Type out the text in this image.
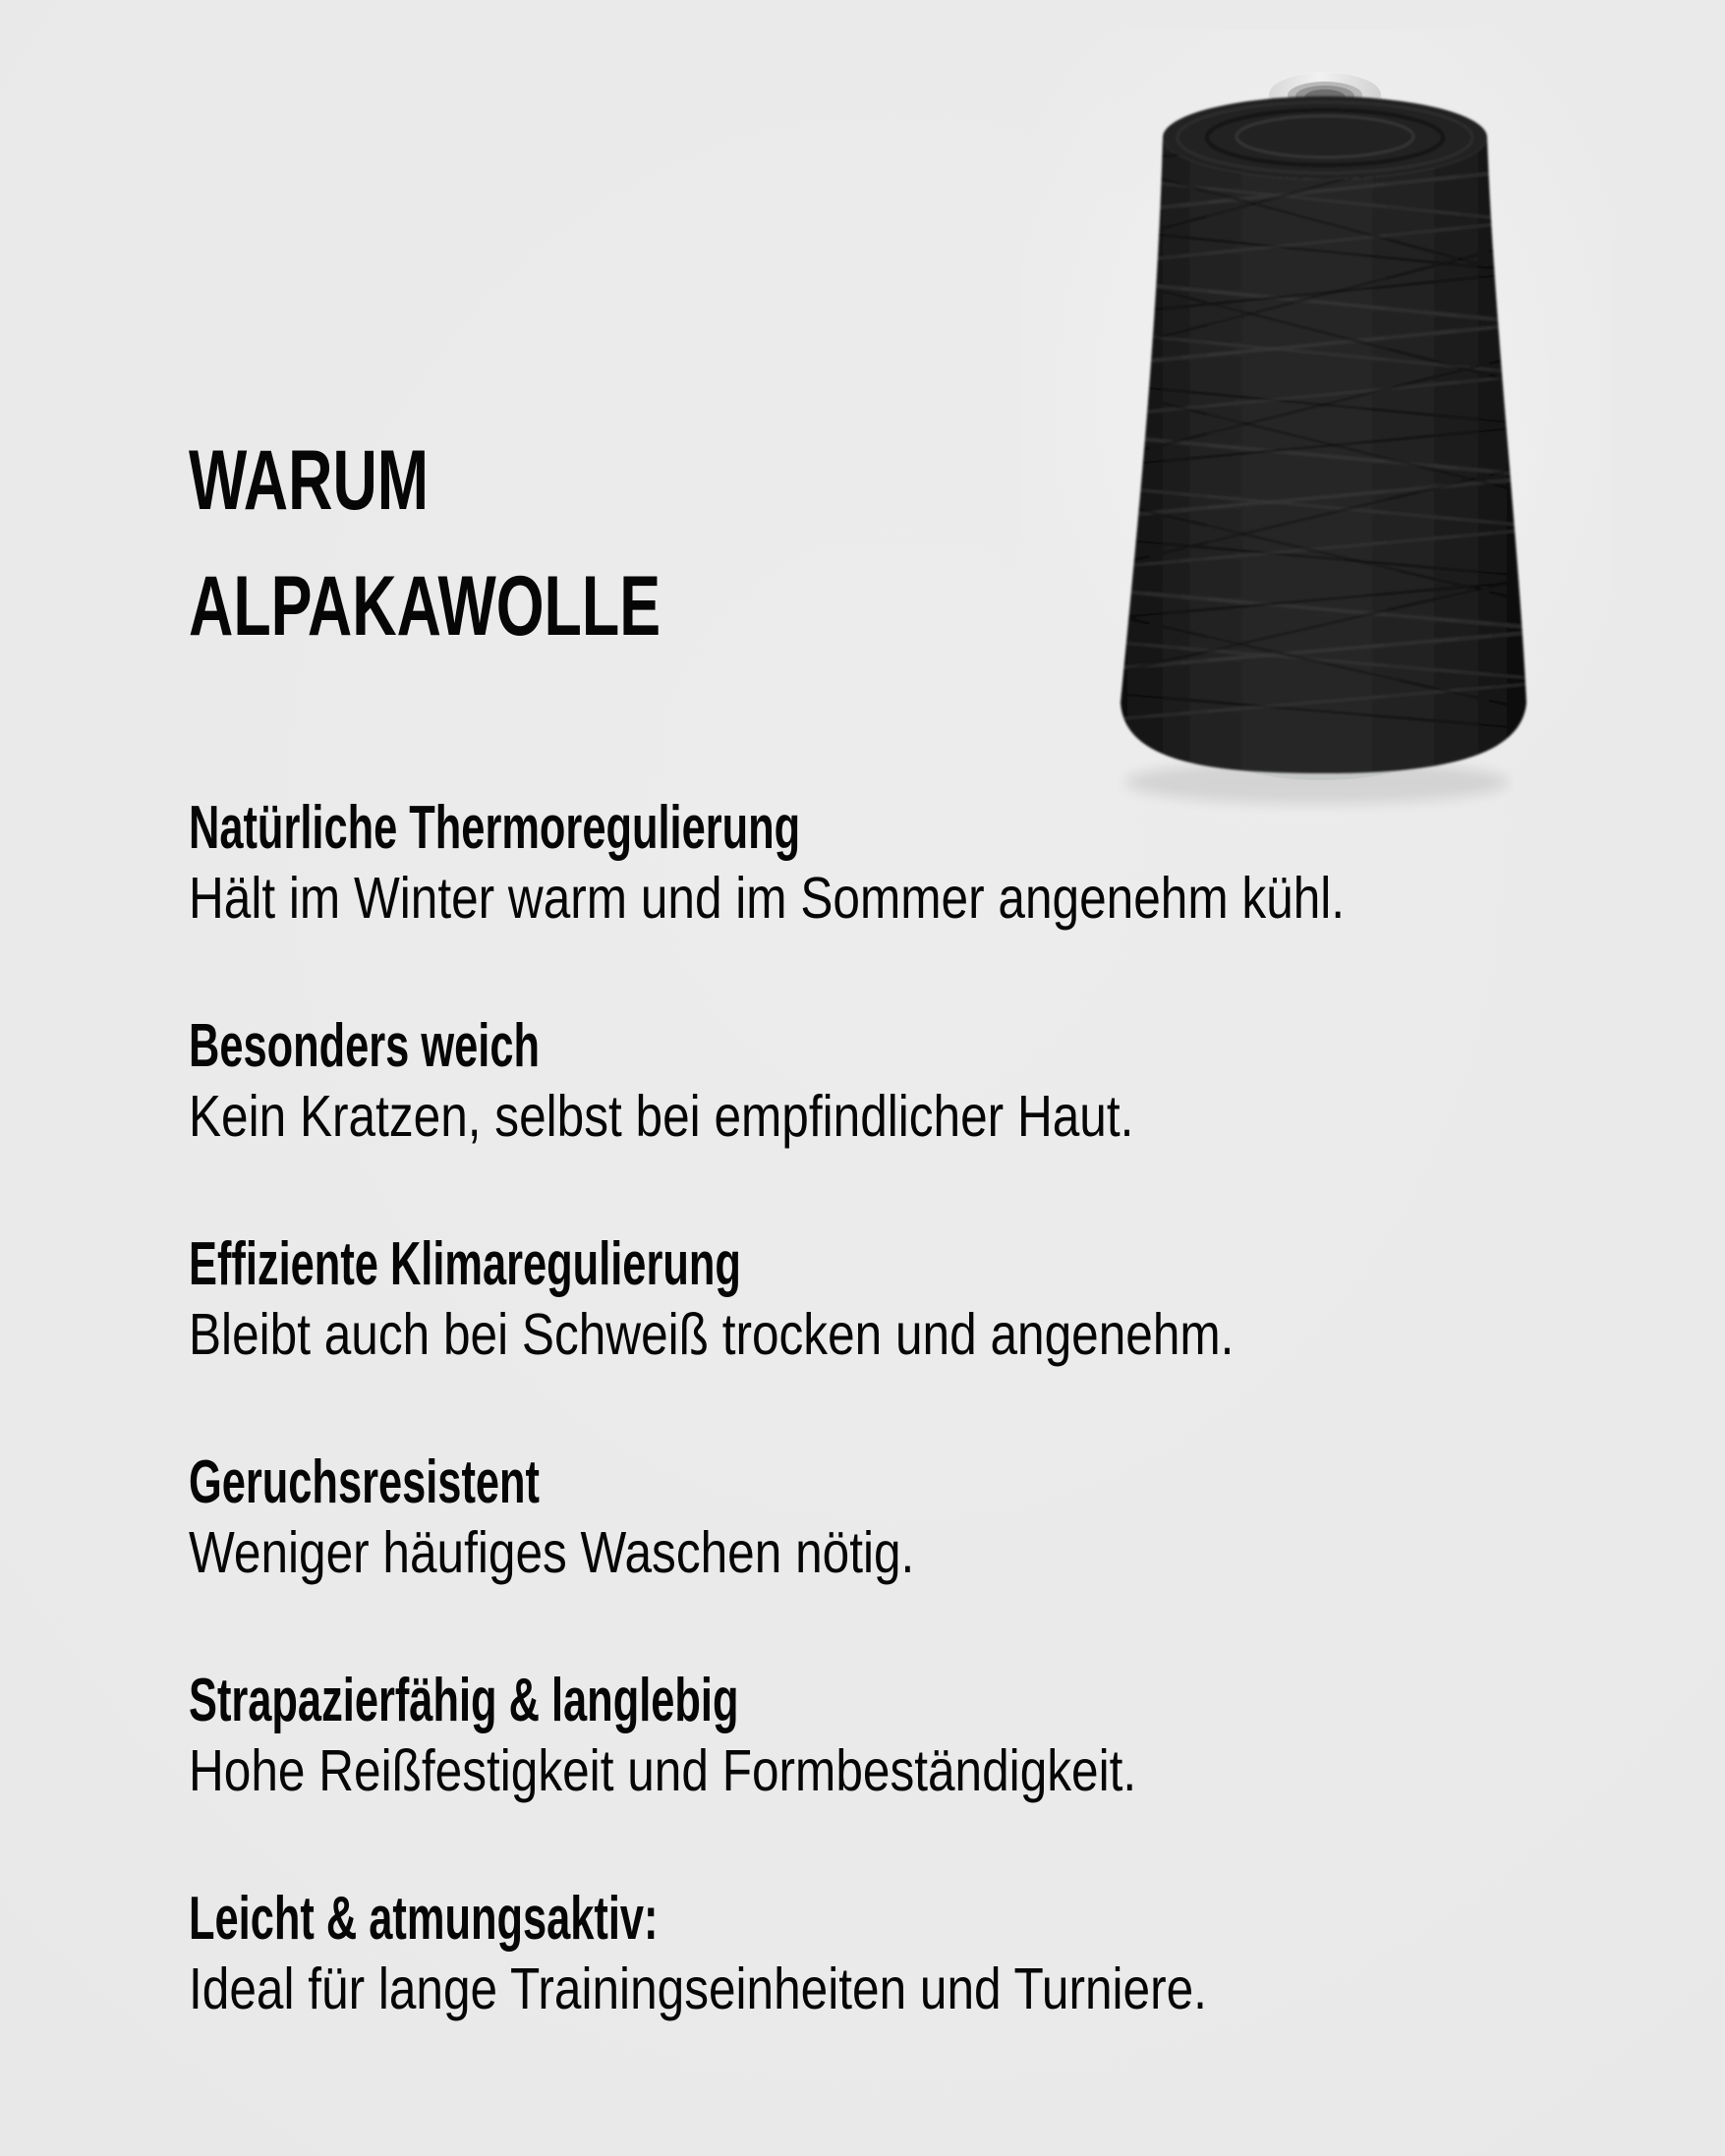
WARUM
ALPAKAWOLLE
Natürliche Thermoregulierung

Hält im Winter warm und im Sommer angenehm kühl.

Besonders weich

Kein Kratzen, selbst bei empfindlicher Haut.

Effiziente Klimaregulierung

Bleibt auch bei Schweiß trocken und angenehm.

Geruchsresistent

Weniger häufiges Waschen nötig.

Strapazierfähig & langlebig

Hohe Reißfestigkeit und Formbeständigkeit.

Leicht & atmungsaktiv:

Ideal für lange Trainingseinheiten und Turniere.
